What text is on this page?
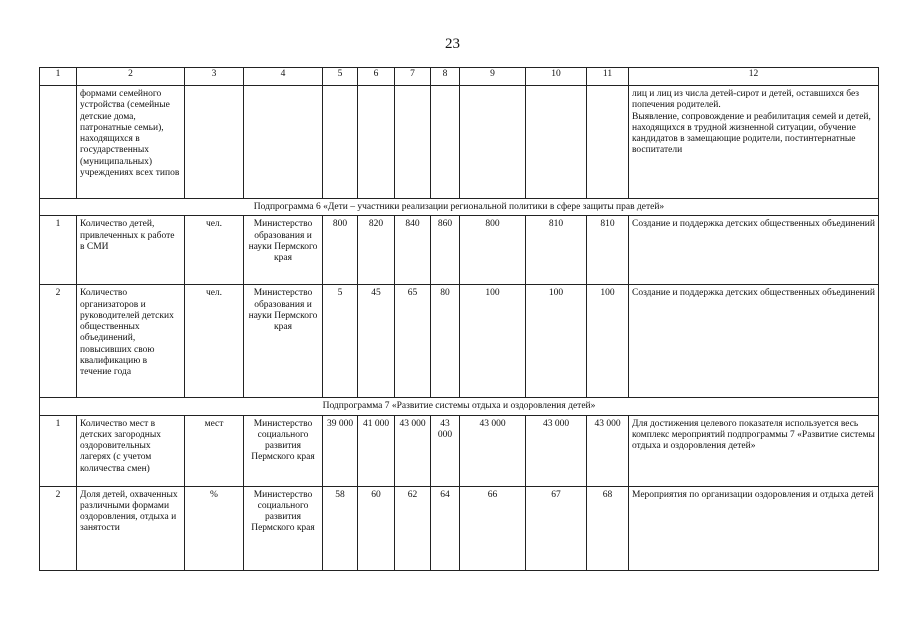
23
1	2	3	4	5	6	7	8	9	10	11	12
	формами семейного устройства (семейные детские дома, патронатные семьи), находящихся в государственных (муниципальных) учреждениях всех типов										лиц и лиц из числа детей-сирот и детей, оставшихся без попечения родителей.
Выявление, сопровождение и реабилитация семей и детей, находящихся в трудной жизненной ситуации, обучение кандидатов в замещающие родители, постинтернатные воспитатели

Подпрограмма 6 «Дети – участники реализации региональной политики в сфере защиты прав детей»											
1	Количество детей, привлеченных к работе в СМИ	чел.	Министерство образования и науки Пермского края	800	820	840	860	800	810	810	Создание и поддержка детских общественных объединений
2	Количество организаторов и руководителей детских общественных объединений, повысивших свою квалификацию в течение года	чел.	Министерство образования и науки Пермского края	5	45	65	80	100	100	100	Создание и поддержка детских общественных объединений
Подпрограмма 7 «Развитие системы отдыха и оздоровления детей»											
1	Количество мест в детских загородных оздоровительных лагерях (с учетом количества смен)	мест	Министерство социального развития Пермского края	39 000	41 000	43 000	43 000	43 000	43 000	43 000	Для достижения целевого показателя используется весь комплекс мероприятий подпрограммы 7 «Развитие системы отдыха и оздоровления детей»
2	Доля детей, охваченных различными формами оздоровления, отдыха и занятости	%	Министерство социального развития Пермского края	58	60	62	64	66	67	68	Мероприятия по организации оздоровления и отдыха детей
